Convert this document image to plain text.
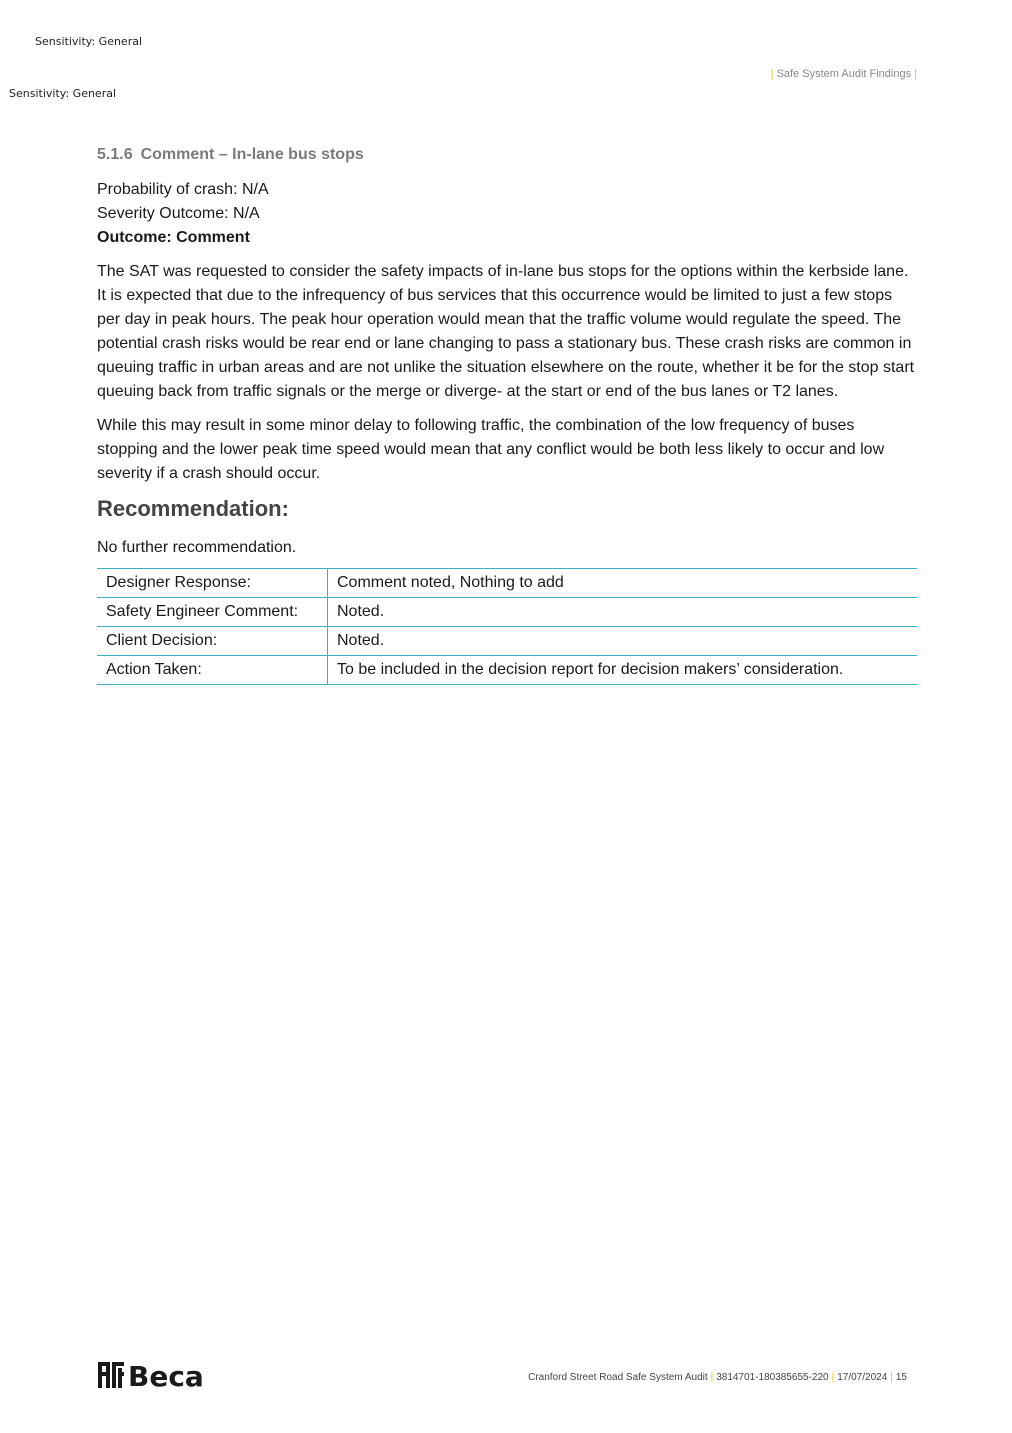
Sensitivity: General
Sensitivity: General
| Safe System Audit Findings |
5.1.6 Comment – In-lane bus stops
Probability of crash: N/A
Severity Outcome: N/A
Outcome: Comment

The SAT was requested to consider the safety impacts of in-lane bus stops for the options within the kerbside lane. It is expected that due to the infrequency of bus services that this occurrence would be limited to just a few stops per day in peak hours. The peak hour operation would mean that the traffic volume would regulate the speed. The potential crash risks would be rear end or lane changing to pass a stationary bus. These crash risks are common in queuing traffic in urban areas and are not unlike the situation elsewhere on the route, whether it be for the stop start queuing back from traffic signals or the merge or diverge- at the start or end of the bus lanes or T2 lanes.

While this may result in some minor delay to following traffic, the combination of the low frequency of buses stopping and the lower peak time speed would mean that any conflict would be both less likely to occur and low severity if a crash should occur.

Recommendation:

No further recommendation.

Designer Response:	Comment noted, Nothing to add
Safety Engineer Comment:	Noted.
Client Decision:	Noted.
Action Taken:	To be included in the decision report for decision makers’ consideration.
Beca	Cranford Street Road Safe System Audit | 3814701-180385655-220 | 17/07/2024 | 15
